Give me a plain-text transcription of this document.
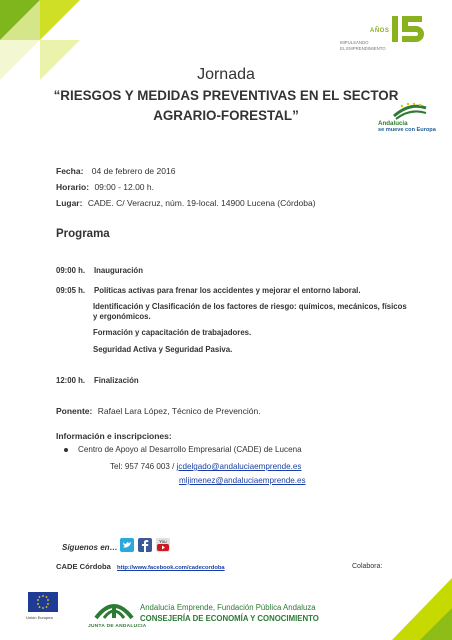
AÑOS
IMPULSANDO
EL EMPRENDIMIENTO
Jornada
“RIESGOS Y MEDIDAS PREVENTIVAS EN EL SECTOR
AGRARIO-FORESTAL”
Andalucía
se mueve con Europa
Fecha: 04 de febrero de 2016
Horario: 09:00 - 12.00 h.
Lugar: CADE. C/ Veracruz, núm. 19-local. 14900 Lucena (Córdoba)
Programa
09:00 h. Inauguración
09:05 h. Políticas activas para frenar los accidentes y mejorar el entorno laboral.
Identificación y Clasificación de los factores de riesgo: químicos, mecánicos, físicos y ergonómicos.
Formación y capacitación de trabajadores.
Seguridad Activa y Seguridad Pasiva.
12:00 h. Finalización
Ponente: Rafael Lara López, Técnico de Prevención.
Información e inscripciones:
Centro de Apoyo al Desarrollo Empresarial (CADE) de Lucena
Tel: 957 746 003 / jcdelgado@andaluciaemprende.es
mljimenez@andaluciaemprende.es
Síguenos en…
You
CADE Córdoba http://www.facebook.com/cadecordoba	Colabora:
Unión Europea
JUNTA DE ANDALUCIA
Andalucía Emprende, Fundación Pública Andaluza
CONSEJERÍA DE ECONOMÍA Y CONOCIMIENTO
